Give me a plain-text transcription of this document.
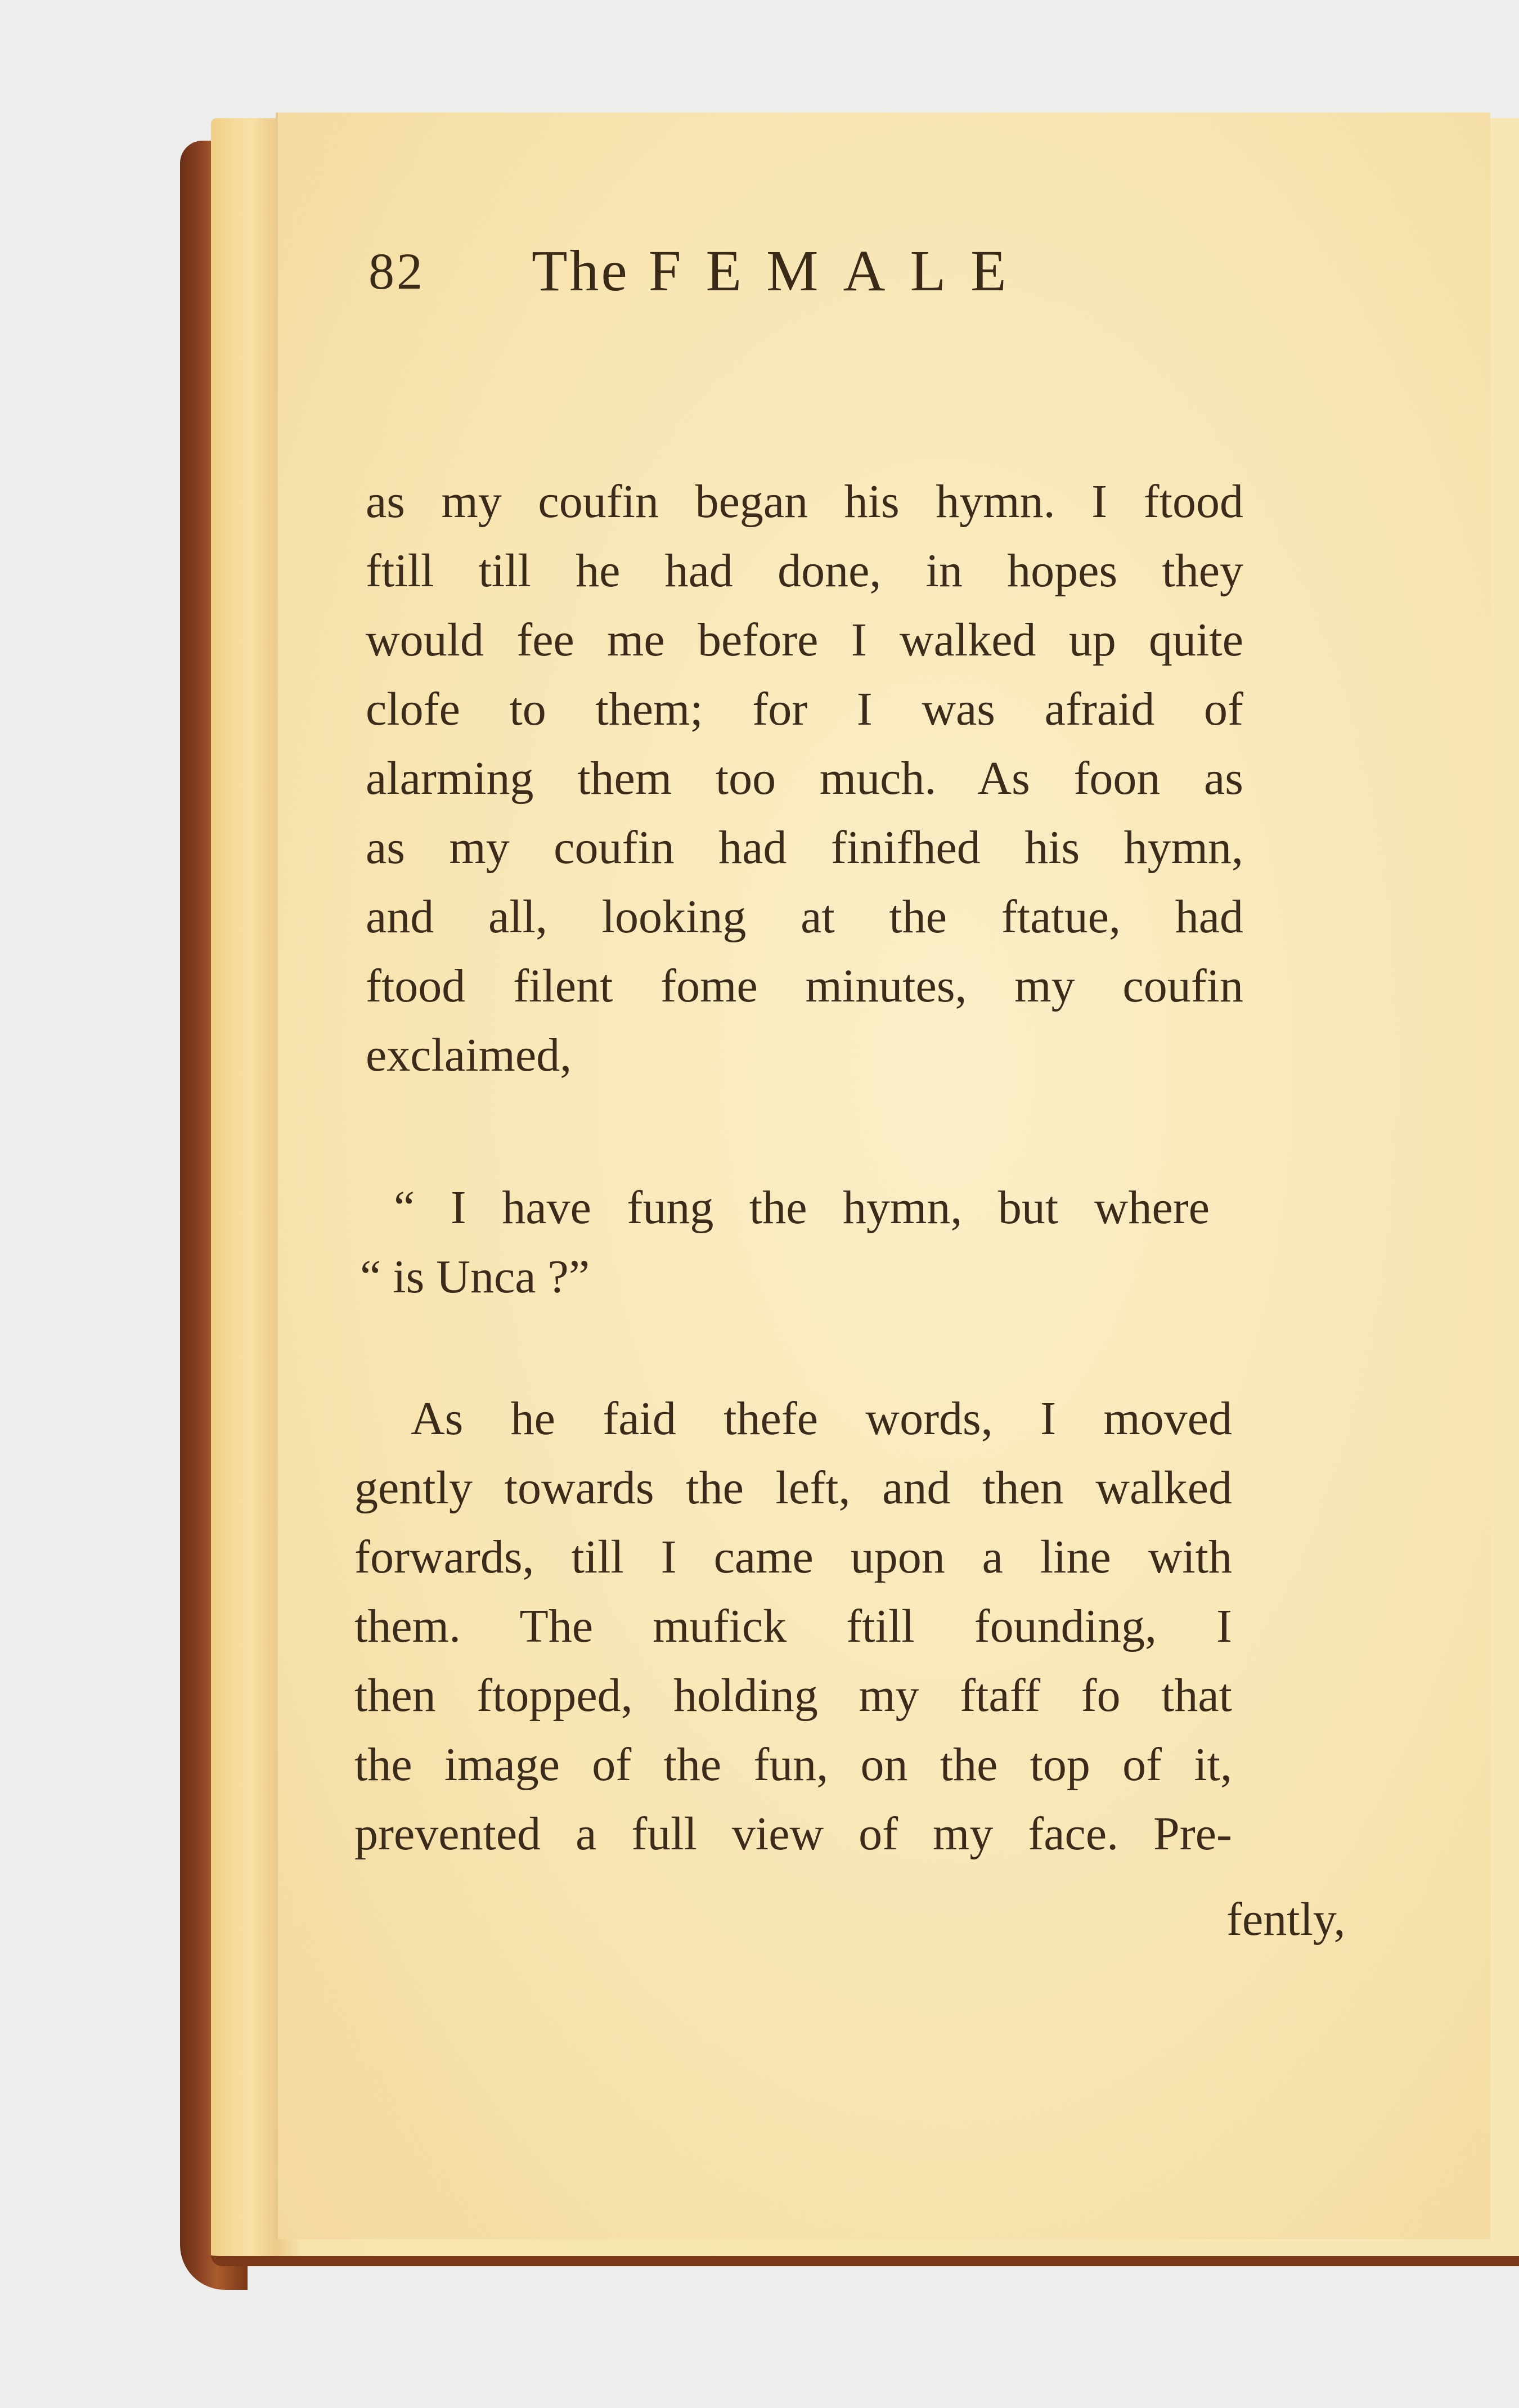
82 The FEMALE
as my coufin began his hymn. I ftood
ftill till he had done, in hopes they
would fee me before I walked up quite
clofe to them; for I was afraid of
alarming them too much. As foon as
as my coufin had finifhed his hymn,
and all, looking at the ftatue, had
ftood filent fome minutes, my coufin
exclaimed,
“ I have fung the hymn, but where
“ is Unca ?”
As he faid thefe words, I moved
gently towards the left, and then walked
forwards, till I came upon a line with
them. The mufick ftill founding, I
then ftopped, holding my ftaff fo that
the image of the fun, on the top of it,
prevented a full view of my face. Pre-
fently,
